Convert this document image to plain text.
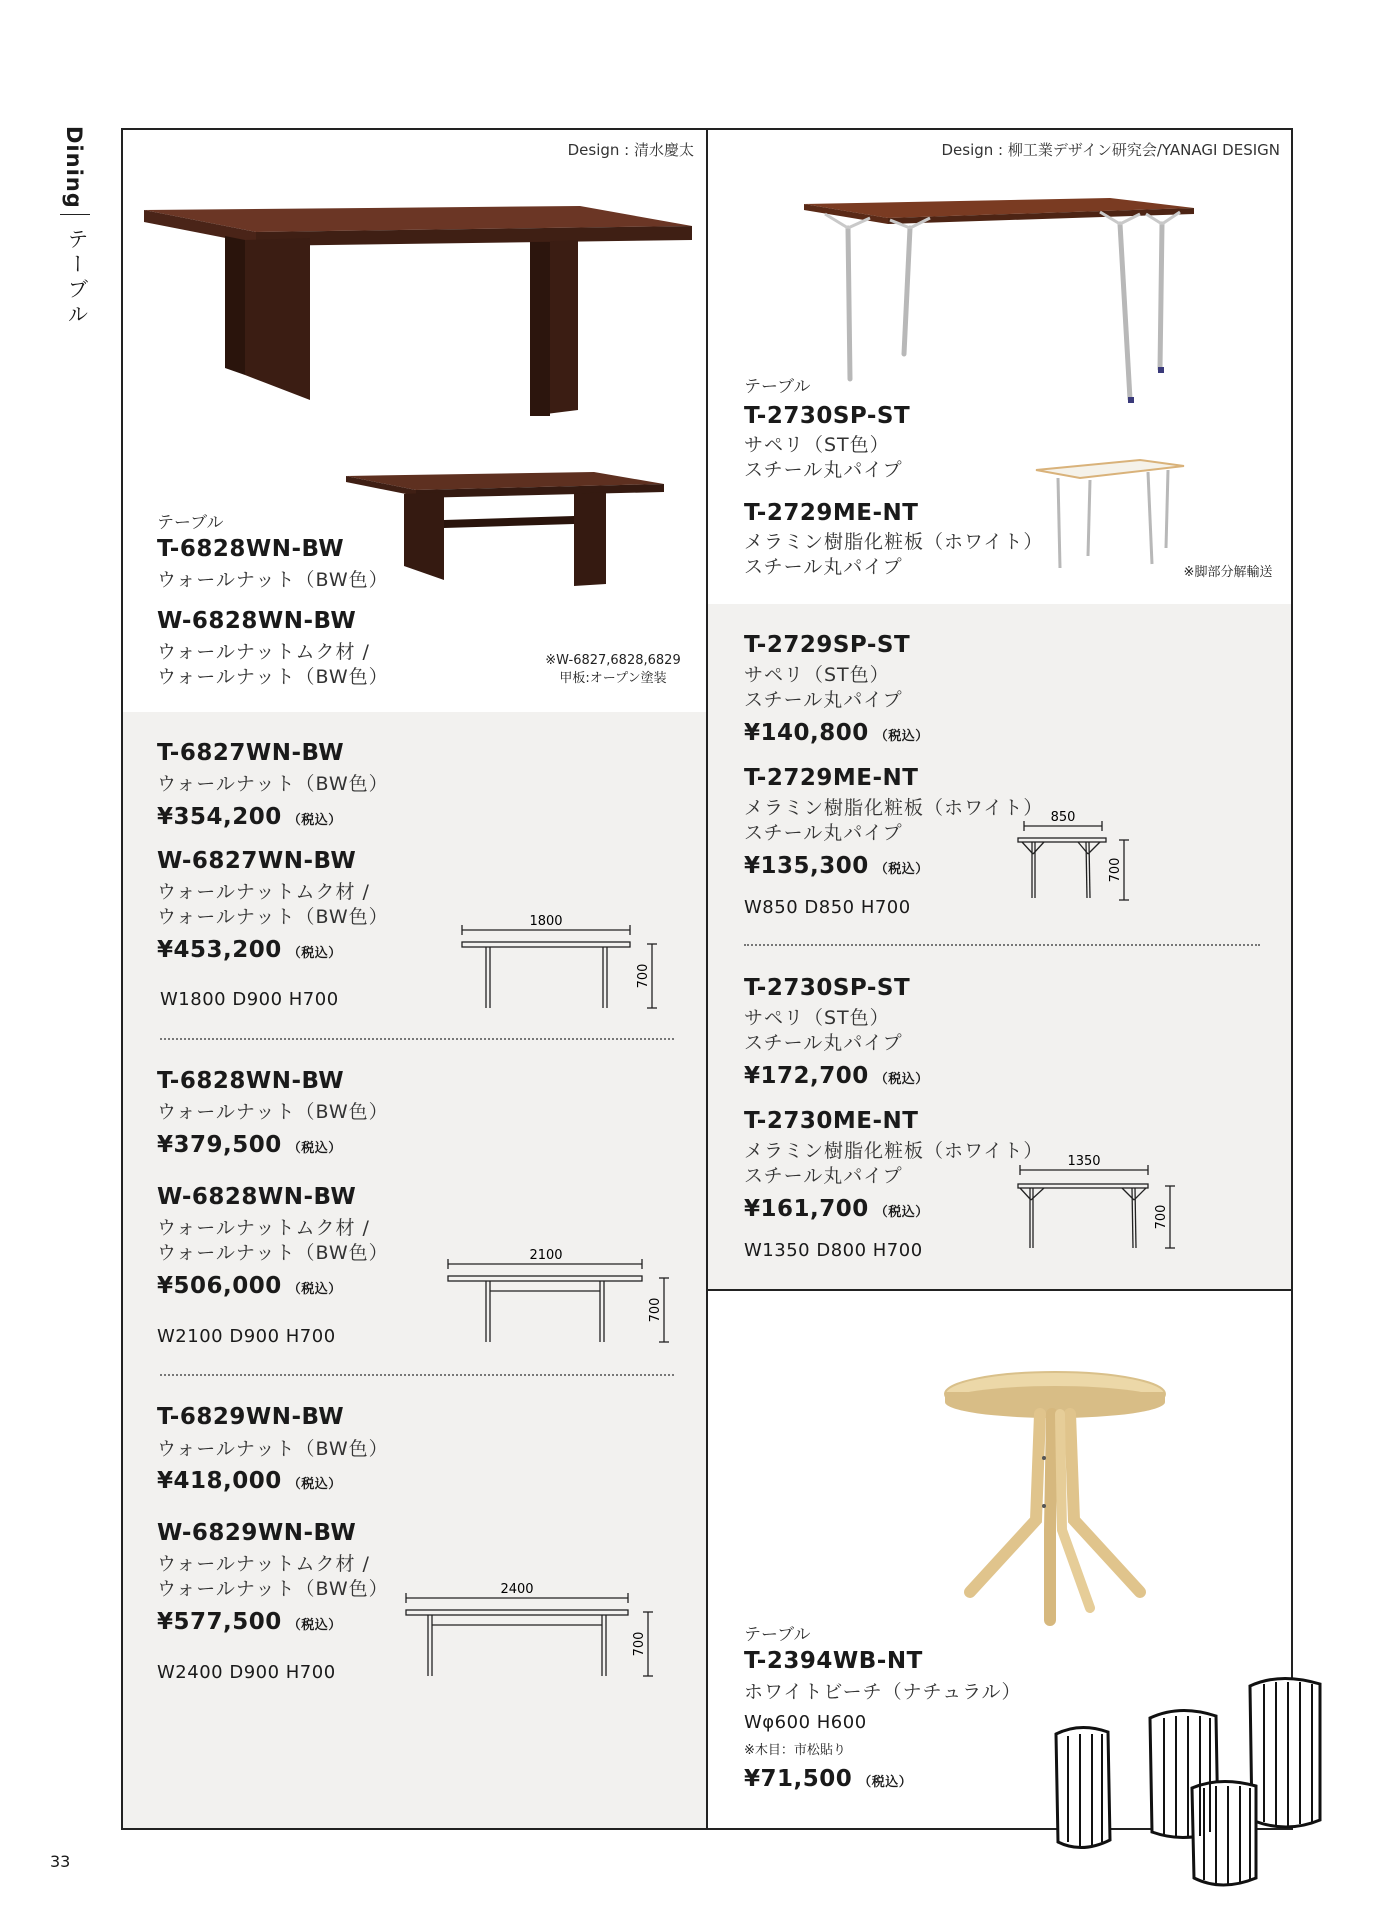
Dining
テーブル
33
Design : 清水慶太
テーブル
T-6828WN-BW
ウォールナット（BW色）
W-6828WN-BW
ウォールナットムク材 /
ウォールナット（BW色）
※W-6827,6828,6829
甲板:オープン塗装
T-6827WN-BW
ウォールナット（BW色）
¥354,200 （税込）
W-6827WN-BW
ウォールナットムク材 /
ウォールナット（BW色）
¥453,200 （税込）
W1800 D900 H700
1800
700
T-6828WN-BW
ウォールナット（BW色）
¥379,500 （税込）
W-6828WN-BW
ウォールナットムク材 /
ウォールナット（BW色）
¥506,000 （税込）
W2100 D900 H700
2100
700
T-6829WN-BW
ウォールナット（BW色）
¥418,000 （税込）
W-6829WN-BW
ウォールナットムク材 /
ウォールナット（BW色）
¥577,500 （税込）
W2400 D900 H700
2400
700
Design : 柳工業デザイン研究会/YANAGI DESIGN
テーブル
T-2730SP-ST
サペリ（ST色）
スチール丸パイプ
T-2729ME-NT
メラミン樹脂化粧板（ホワイト）
スチール丸パイプ	※脚部分解輸送
T-2729SP-ST
サペリ（ST色）
スチール丸パイプ
¥140,800 （税込）
T-2729ME-NT
メラミン樹脂化粧板（ホワイト）
スチール丸パイプ
¥135,300 （税込）
W850 D850 H700
850
700
T-2730SP-ST
サペリ（ST色）
スチール丸パイプ
¥172,700 （税込）
T-2730ME-NT
メラミン樹脂化粧板（ホワイト）
スチール丸パイプ
¥161,700 （税込）
W1350 D800 H700
1350
700
テーブル
T-2394WB-NT
ホワイトビーチ（ナチュラル）
Wφ600 H600
※木目：市松貼り
¥71,500 （税込）
